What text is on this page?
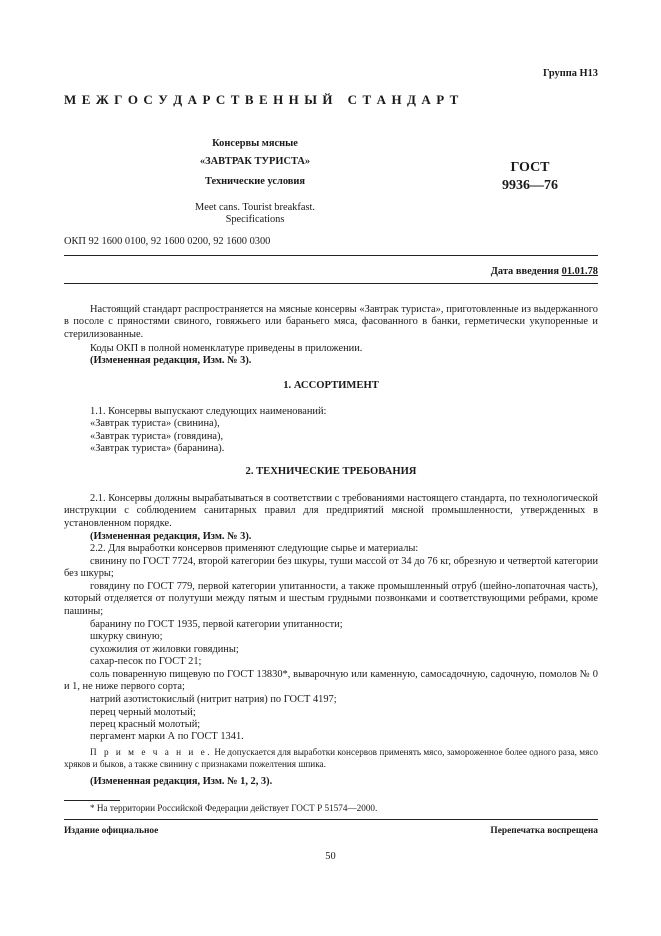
Группа Н13
М Е Ж Г О С У Д А Р С Т В Е Н Н Ы Й   С Т А Н Д А Р Т
Консервы мясные
«ЗАВТРАК ТУРИСТА»
Технические условия
Meet cans. Tourist breakfast.
Specifications
ГОСТ
9936—76
ОКП 92 1600 0100, 92 1600 0200, 92 1600 0300
Дата введения 01.01.78
Настоящий стандарт распространяется на мясные консервы «Завтрак туриста», приготовленные из выдержанного в посоле с пряностями свиного, говяжьего или бараньего мяса, фасованного в банки, герметически укупоренные и стерилизованные.
Коды ОКП в полной номенклатуре приведены в приложении.
(Измененная редакция, Изм. № 3).
1. АССОРТИМЕНТ
1.1. Консервы выпускают следующих наименований:
«Завтрак туриста» (свинина),
«Завтрак туриста» (говядина),
«Завтрак туриста» (баранина).
2. ТЕХНИЧЕСКИЕ ТРЕБОВАНИЯ
2.1. Консервы должны вырабатываться в соответствии с требованиями настоящего стандарта, по технологической инструкции с соблюдением санитарных правил для предприятий мясной промышленности, утвержденных в установленном порядке.
(Измененная редакция, Изм. № 3).
2.2. Для выработки консервов применяют следующие сырье и материалы:
свинину по ГОСТ 7724, второй категории без шкуры, туши массой от 34 до 76 кг, обрезную и четвертой категории без шкуры;
говядину по ГОСТ 779, первой категории упитанности, а также промышленный отруб (шейно-лопаточная часть), который отделяется от полутуши между пятым и шестым грудными позвонками и соответствующими ребрами, кроме пашины;
баранину по ГОСТ 1935, первой категории упитанности;
шкурку свиную;
сухожилия от жиловки говядины;
сахар-песок по ГОСТ 21;
соль поваренную пищевую по ГОСТ 13830*, выварочную или каменную, самосадочную, садочную, помолов № 0 и 1, не ниже первого сорта;
натрий азотистокислый (нитрит натрия) по ГОСТ 4197;
перец черный молотый;
перец красный молотый;
пергамент марки А по ГОСТ 1341.
П р и м е ч а н и е. Не допускается для выработки консервов применять мясо, замороженное более одного раза, мясо хряков и быков, а также свинину с признаками пожелтения шпика.
(Измененная редакция, Изм. № 1, 2, 3).
* На территории Российской Федерации действует ГОСТ Р 51574—2000.
Издание официальное	Перепечатка воспрещена
50
